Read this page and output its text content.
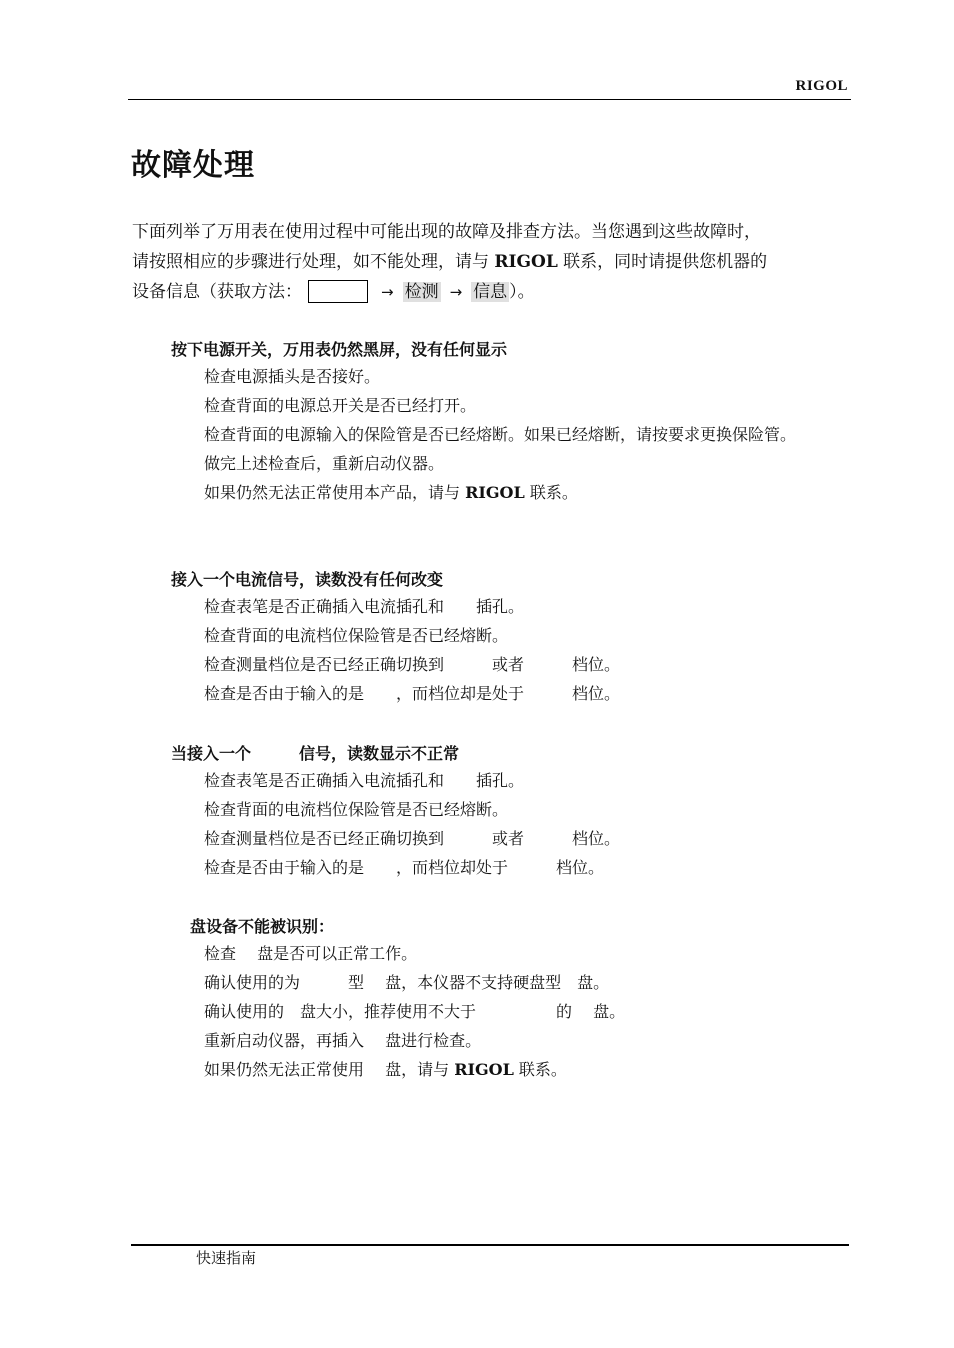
RIGOL
故障处理
下面列举了万用表在使用过程中可能出现的故障及排查方法。当您遇到这些故障时，
请按照相应的步骤进行处理，如不能处理，请与 RIGOL 联系，同时请提供您机器的
设备信息（获取方法：	→ 检测 → 信息 ）。
按下电源开关，万用表仍然黑屏，没有任何显示
检查电源插头是否接好。
检查背面的电源总开关是否已经打开。
检查背面的电源输入的保险管是否已经熔断。如果已经熔断，请按要求更换保险管。
做完上述检查后，重新启动仪器。
如果仍然无法正常使用本产品，请与 RIGOL 联系。
接入一个电流信号，读数没有任何改变
检查表笔是否正确插入电流插孔和　　插孔。
检查背面的电流档位保险管是否已经熔断。
检查测量档位是否已经正确切换到　　　或者　　　档位。
检查是否由于输入的是　　，而档位却是处于　　　档位。
当接入一个　　　信号，读数显示不正常
检查表笔是否正确插入电流插孔和　　插孔。
检查背面的电流档位保险管是否已经熔断。
检查测量档位是否已经正确切换到　　　或者　　　档位。
检查是否由于输入的是　　，而档位却处于　　　档位。
盘设备不能被识别：
检查　 盘是否可以正常工作。
确认使用的为　　　型　 盘，本仪器不支持硬盘型　盘。
确认使用的　盘大小，推荐使用不大于　　　　　的　 盘。
重新启动仪器，再插入　 盘进行检查。
如果仍然无法正常使用　 盘，请与 RIGOL 联系。
快速指南
